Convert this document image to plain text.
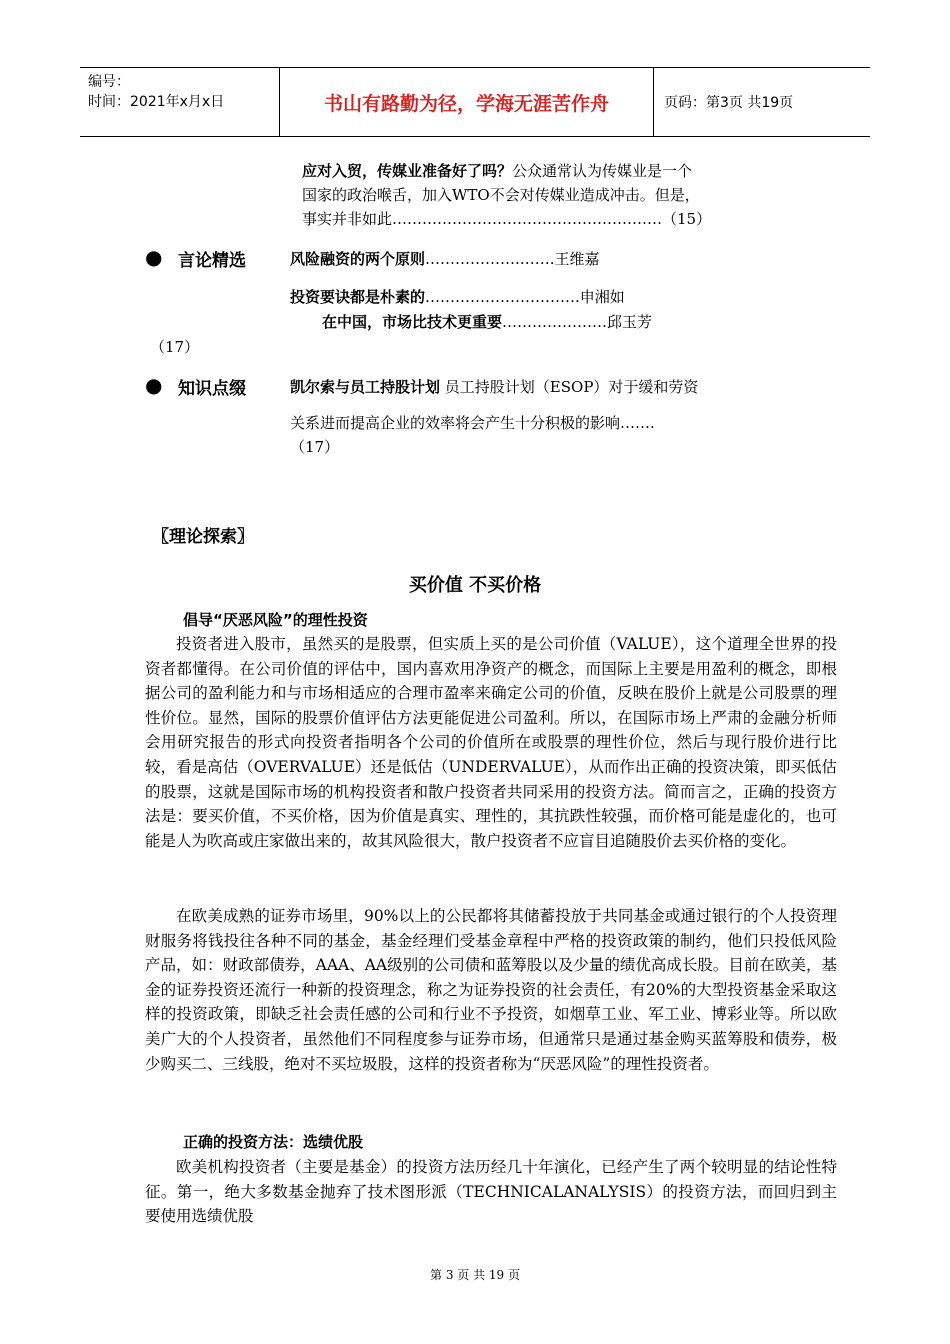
编号：
时间：2021年x月x日	书山有路勤为径，学海无涯苦作舟	页码：第3页 共19页
应对入贸，传媒业准备好了吗？公众通常认为传媒业是一个
国家的政治喉舌，加入WTO不会对传媒业造成冲击。但是，
事实并非如此………………………………………………（15）
● 言论精选	风险融资的两个原则……………….…….王维嘉
投资要诀都是朴素的………………………….申湘如
在中国，市场比技术更重要…………………邱玉芳
（17）
● 知识点缀	凯尔索与员工持股计划 员工持股计划（ESOP）对于缓和劳资
关系进而提高企业的效率将会产生十分积极的影响…….
（17）
〖理论探索〗
买价值 不买价格
倡导“厌恶风险”的理性投资

投资者进入股市，虽然买的是股票，但实质上买的是公司价值（VALUE），这个道理全世界的投资者都懂得。在公司价值的评估中，国内喜欢用净资产的概念，而国际上主要是用盈利的概念，即根据公司的盈利能力和与市场相适应的合理市盈率来确定公司的价值，反映在股价上就是公司股票的理性价位。显然，国际的股票价值评估方法更能促进公司盈利。所以，在国际市场上严肃的金融分析师会用研究报告的形式向投资者指明各个公司的价值所在或股票的理性价位，然后与现行股价进行比较，看是高估（OVERVALUE）还是低估（UNDERVALUE），从而作出正确的投资决策，即买低估的股票，这就是国际市场的机构投资者和散户投资者共同采用的投资方法。简而言之，正确的投资方法是：要买价值，不买价格，因为价值是真实、理性的，其抗跌性较强，而价格可能是虚化的，也可能是人为吹高或庄家做出来的，故其风险很大，散户投资者不应盲目追随股价去买价格的变化。

在欧美成熟的证券市场里，90%以上的公民都将其储蓄投放于共同基金或通过银行的个人投资理财服务将钱投往各种不同的基金，基金经理们受基金章程中严格的投资政策的制约，他们只投低风险产品，如：财政部债券，AAA、AA级别的公司债和蓝筹股以及少量的绩优高成长股。目前在欧美，基金的证券投资还流行一种新的投资理念，称之为证券投资的社会责任，有20%的大型投资基金采取这样的投资政策，即缺乏社会责任感的公司和行业不予投资，如烟草工业、军工业、博彩业等。所以欧美广大的个人投资者，虽然他们不同程度参与证券市场，但通常只是通过基金购买蓝筹股和债券，极少购买二、三线股，绝对不买垃圾股，这样的投资者称为“厌恶风险”的理性投资者。

正确的投资方法：选绩优股

欧美机构投资者（主要是基金）的投资方法历经几十年演化，已经产生了两个较明显的结论性特征。第一，绝大多数基金抛弃了技术图形派（TECHNICALANALYSIS）的投资方法，而回归到主要使用选绩优股

第 3 页 共 19 页
